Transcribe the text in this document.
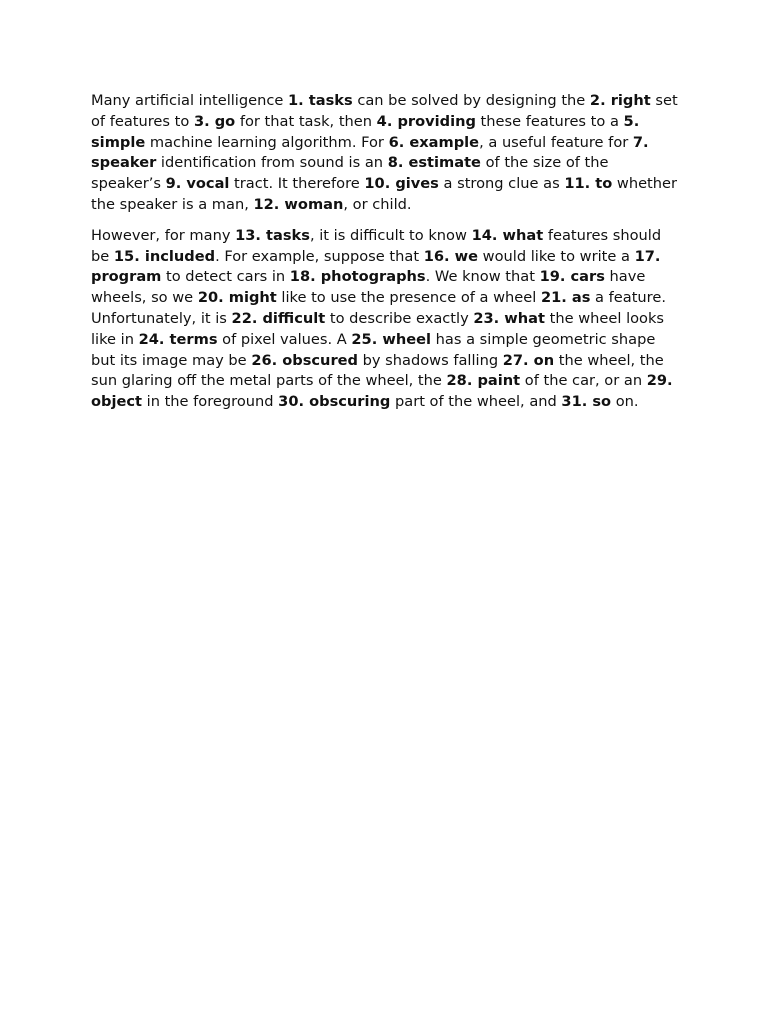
Many artificial intelligence 1. tasks can be solved by designing the 2. right set of features to 3. go for that task, then 4. providing these features to a 5. simple machine learning algorithm. For 6. example, a useful feature for 7. speaker identification from sound is an 8. estimate of the size of the speaker’s 9. vocal tract. It therefore 10. gives a strong clue as 11. to whether the speaker is a man, 12. woman, or child.

However, for many 13. tasks, it is difficult to know 14. what features should be 15. included. For example, suppose that 16. we would like to write a 17. program to detect cars in 18. photographs. We know that 19. cars have wheels, so we 20. might like to use the presence of a wheel 21. as a feature. Unfortunately, it is 22. difficult to describe exactly 23. what the wheel looks like in 24. terms of pixel values. A 25. wheel has a simple geometric shape but its image may be 26. obscured by shadows falling 27. on the wheel, the sun glaring off the metal parts of the wheel, the 28. paint of the car, or an 29. object in the foreground 30. obscuring part of the wheel, and 31. so on.
